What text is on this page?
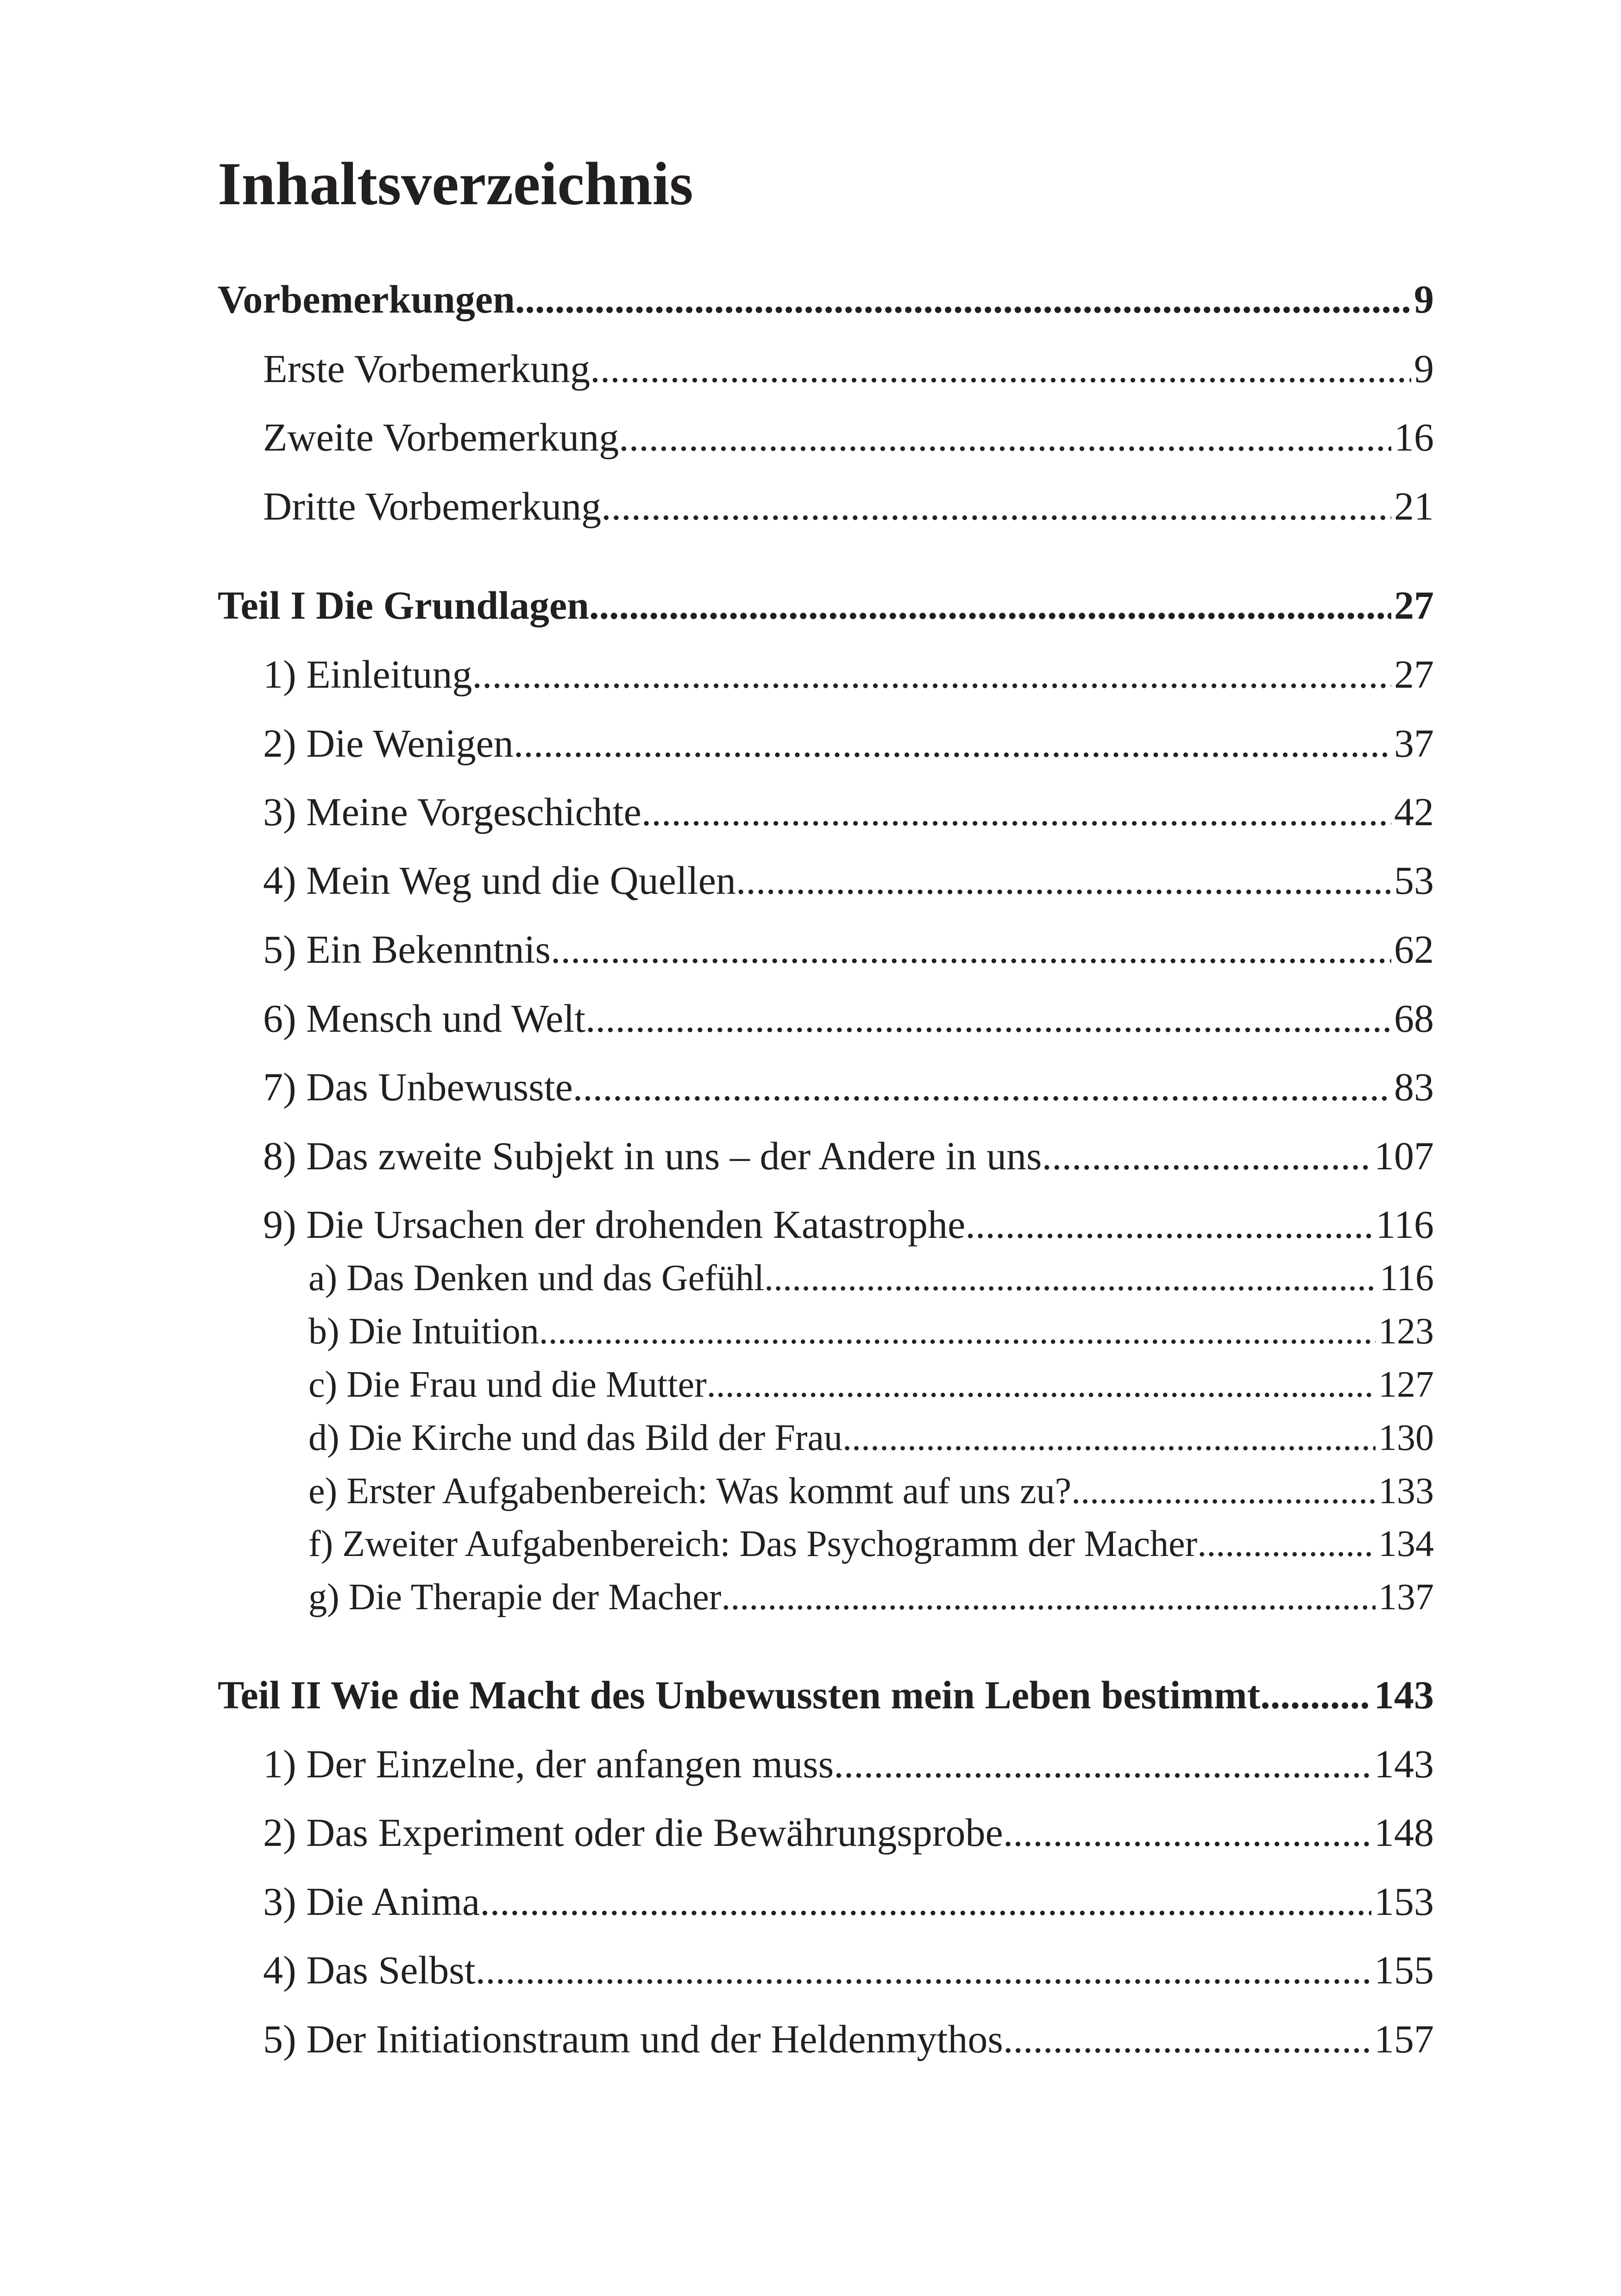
Inhaltsverzeichnis
Vorbemerkungen .....	9
Erste Vorbemerkung .....	9
Zweite Vorbemerkung .....	16
Dritte Vorbemerkung .....	21
Teil I Die Grundlagen .....	27
1) Einleitung .....	27
2) Die Wenigen .....	37
3) Meine Vorgeschichte .....	42
4) Mein Weg und die Quellen .....	53
5) Ein Bekenntnis .....	62
6) Mensch und Welt .....	68
7) Das Unbewusste .....	83
8) Das zweite Subjekt in uns – der Andere in uns .....	107
9) Die Ursachen der drohenden Katastrophe .....	116
a) Das Denken und das Gefühl .....	116
b) Die Intuition .....	123
c) Die Frau und die Mutter .....	127
d) Die Kirche und das Bild der Frau .....	130
e) Erster Aufgabenbereich: Was kommt auf uns zu? .....	133
f) Zweiter Aufgabenbereich: Das Psychogramm der Macher .....	134
g) Die Therapie der Macher .....	137
Teil II Wie die Macht des Unbewussten mein Leben bestimmt .....	143
1) Der Einzelne, der anfangen muss .....	143
2) Das Experiment oder die Bewährungsprobe .....	148
3) Die Anima .....	153
4) Das Selbst .....	155
5) Der Initiationstraum und der Heldenmythos .....	157
